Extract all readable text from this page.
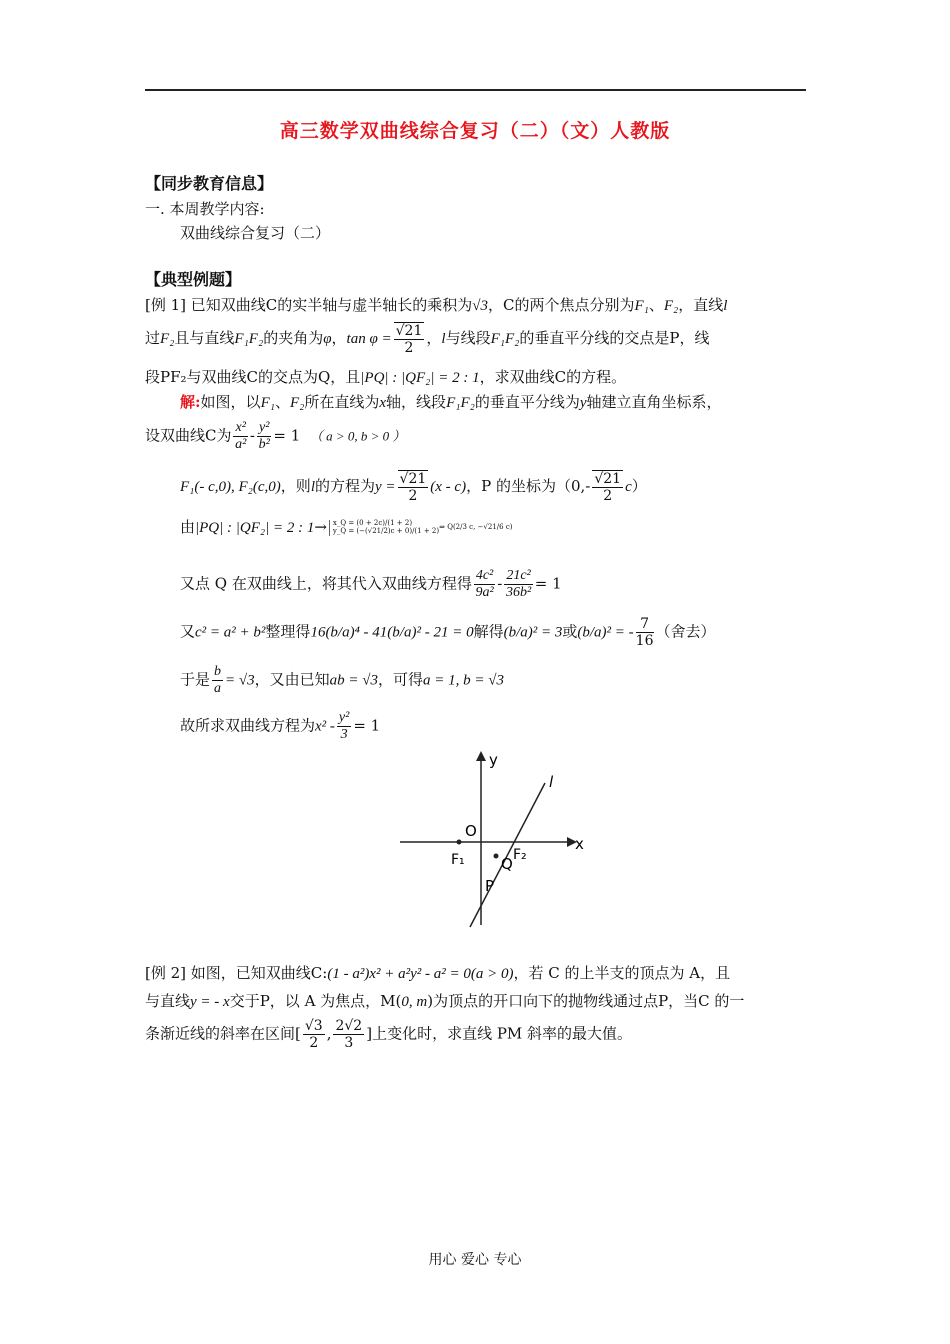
高三数学双曲线综合复习（二）（文）人教版
【同步教育信息】
一. 本周教学内容:
双曲线综合复习（二）
【典型例题】
[例 1] 已知双曲线C的实半轴与虚半轴长的乘积为√3，C的两个焦点分别为F₁、F₂，直线l
过F₂且与直线F₁F₂的夹角为φ，$\tan \varphi = \frac{√21}{2}$ ，l与线段F₁F₂的垂直平分线的交点是P，线
段PF₂与双曲线C的交点为Q，且|PQ| : |QF₂| = 2 : 1，求双曲线C的方程。
解:如图，以F₁、F₂所在直线为x轴，线段F₁F₂的垂直平分线为y轴建立直角坐标系，
设双曲线C为 $\frac{\text{x²}}{\text{a²}} - \frac{\text{y²}}{\text{b²}} = 1$ （ a > 0, b > 0 ）
F₁(- c,0), F₂(c,0)，则l的方程为$y = \frac{√21}{2} (x - c)$，P 的坐标为$(0,- \frac{√21}{2} c)$
由|PQ| : |QF₂| = 2 : 1→ x_Q = (0 + 2c)/(1 + 2)
y_Q = (−(√21/2)c + 0)/(1 + 2) ⇒ Q(2/3 c, −√21/6 c)
又点 Q 在双曲线上，将其代入双曲线方程得 $\frac{\text{4c²}}{\text{9a²}} - \frac{\text{21c²}}{\text{36b²}} = 1$
又c² = a² + b²整理得16(b/a)⁴ - 41(b/a)² - 21 = 0解得(b/a)² = 3或(b/a)² = - $\frac{7}{16}$ （舍去）
于是 $\frac{b}{a} = √3$，又由已知ab = √3，可得a = 1, b = √3
故所求双曲线方程为$x^2 - \frac{\text{y²}}{3} = 1$
y
x
O
F₁	F₂
Q
P
l
[例 2] 如图，已知双曲线C:(1 - a²)x² + a²y² - a² = 0(a > 0)，若 C 的上半支的顶点为 A，且
与直线y = - x交于P，以 A 为焦点，M(0, m)为顶点的开口向下的抛物线通过点P，当C 的一
条渐近线的斜率在区间[ $\frac{√3}{2}$ , $\frac{2√2}{3}$ ]上变化时，求直线 PM 斜率的最大值。
用心 爱心 专心
